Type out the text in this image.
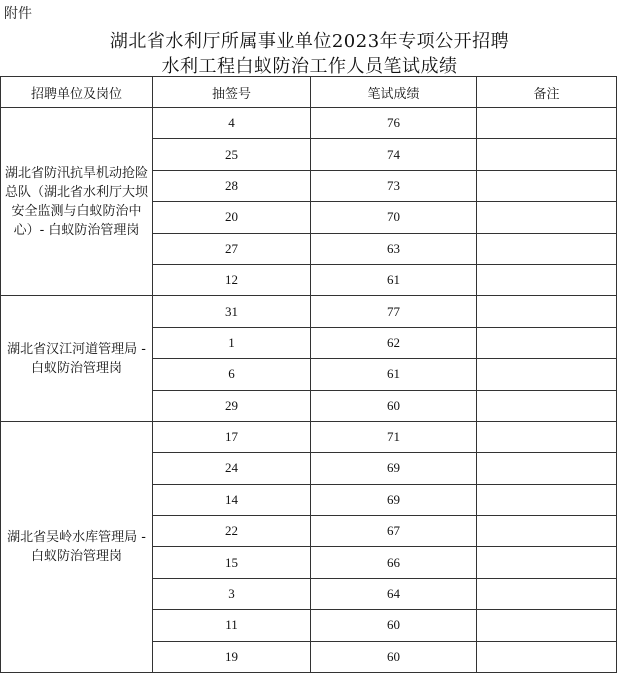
附件
湖北省水利厅所属事业单位2023年专项公开招聘
水利工程白蚁防治工作人员笔试成绩
招聘单位及岗位	抽签号	笔试成绩	备注
湖北省防汛抗旱机动抢险总队（湖北省水利厅大坝安全监测与白蚁防治中心）- 白蚁防治管理岗	4	76	
	25	74	
	28	73	
	20	70	
	27	63	
	12	61	
湖北省汉江河道管理局 - 白蚁防治管理岗	31	77	
	1	62	
	6	61	
	29	60	
湖北省吴岭水库管理局 - 白蚁防治管理岗	17	71	
	24	69	
	14	69	
	22	67	
	15	66	
	3	64	
	11	60	
	19	60	
